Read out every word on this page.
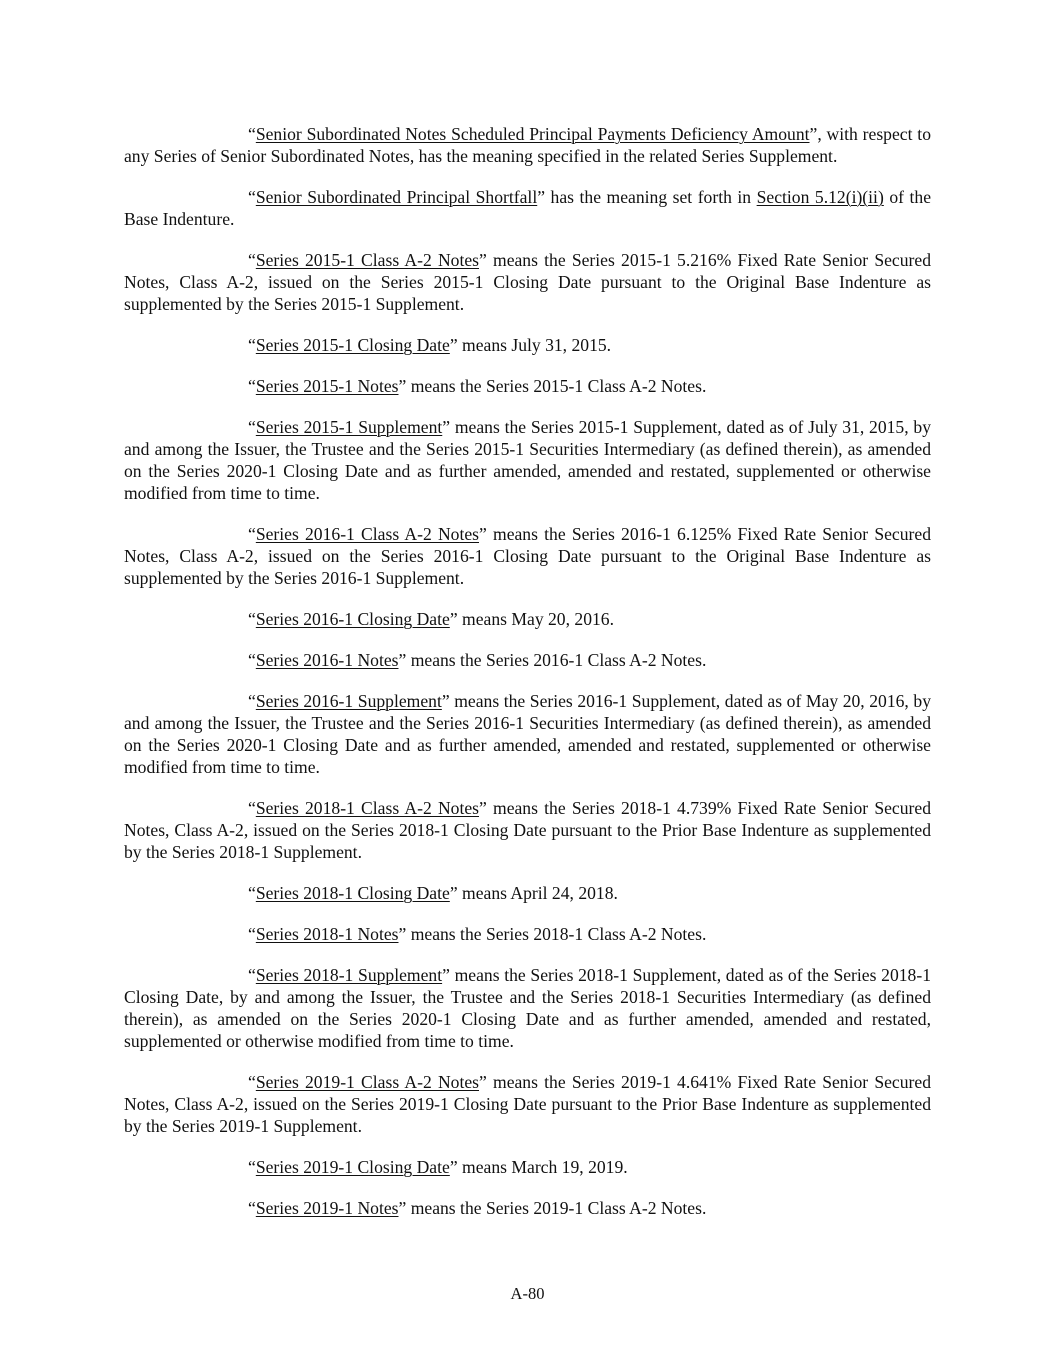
“Senior Subordinated Notes Scheduled Principal Payments Deficiency Amount”, with respect to any Series of Senior Subordinated Notes, has the meaning specified in the related Series Supplement.

“Senior Subordinated Principal Shortfall” has the meaning set forth in Section 5.12(i)(ii) of the Base Indenture.

“Series 2015-1 Class A-2 Notes” means the Series 2015-1 5.216% Fixed Rate Senior Secured Notes, Class A-2, issued on the Series 2015-1 Closing Date pursuant to the Original Base Indenture as supplemented by the Series 2015-1 Supplement.

“Series 2015-1 Closing Date” means July 31, 2015.

“Series 2015-1 Notes” means the Series 2015-1 Class A-2 Notes.

“Series 2015-1 Supplement” means the Series 2015-1 Supplement, dated as of July 31, 2015, by and among the Issuer, the Trustee and the Series 2015-1 Securities Intermediary (as defined therein), as amended on the Series 2020-1 Closing Date and as further amended, amended and restated, supplemented or otherwise modified from time to time.

“Series 2016-1 Class A-2 Notes” means the Series 2016-1 6.125% Fixed Rate Senior Secured Notes, Class A-2, issued on the Series 2016-1 Closing Date pursuant to the Original Base Indenture as supplemented by the Series 2016-1 Supplement.

“Series 2016-1 Closing Date” means May 20, 2016.

“Series 2016-1 Notes” means the Series 2016-1 Class A-2 Notes.

“Series 2016-1 Supplement” means the Series 2016-1 Supplement, dated as of May 20, 2016, by and among the Issuer, the Trustee and the Series 2016-1 Securities Intermediary (as defined therein), as amended on the Series 2020-1 Closing Date and as further amended, amended and restated, supplemented or otherwise modified from time to time.

“Series 2018-1 Class A-2 Notes” means the Series 2018-1 4.739% Fixed Rate Senior Secured Notes, Class A-2, issued on the Series 2018-1 Closing Date pursuant to the Prior Base Indenture as supplemented by the Series 2018-1 Supplement.

“Series 2018-1 Closing Date” means April 24, 2018.

“Series 2018-1 Notes” means the Series 2018-1 Class A-2 Notes.

“Series 2018-1 Supplement” means the Series 2018-1 Supplement, dated as of the Series 2018-1 Closing Date, by and among the Issuer, the Trustee and the Series 2018-1 Securities Intermediary (as defined therein), as amended on the Series 2020-1 Closing Date and as further amended, amended and restated, supplemented or otherwise modified from time to time.

“Series 2019-1 Class A-2 Notes” means the Series 2019-1 4.641% Fixed Rate Senior Secured Notes, Class A-2, issued on the Series 2019-1 Closing Date pursuant to the Prior Base Indenture as supplemented by the Series 2019-1 Supplement.

“Series 2019-1 Closing Date” means March 19, 2019.

“Series 2019-1 Notes” means the Series 2019-1 Class A-2 Notes.

A-80
